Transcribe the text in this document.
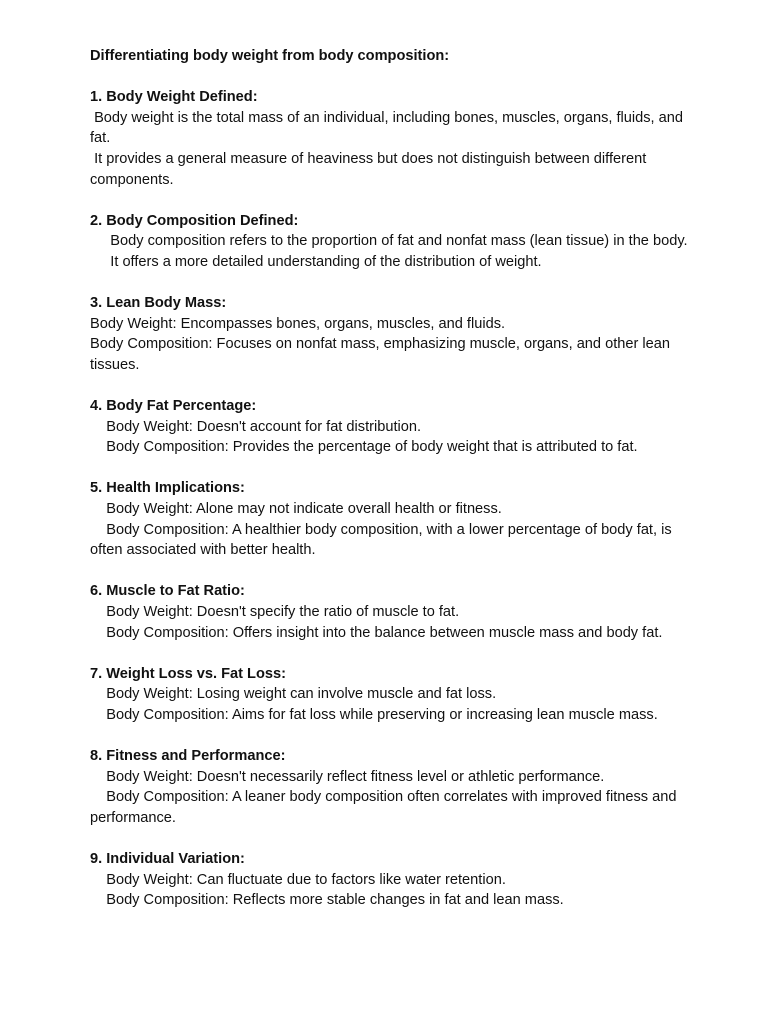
Differentiating body weight from body composition:
1. Body Weight Defined:
Body weight is the total mass of an individual, including bones, muscles, organs, fluids, and fat.
It provides a general measure of heaviness but does not distinguish between different components.
2. Body Composition Defined:
Body composition refers to the proportion of fat and nonfat mass (lean tissue) in the body.
It offers a more detailed understanding of the distribution of weight.
3. Lean Body Mass:
Body Weight: Encompasses bones, organs, muscles, and fluids.
Body Composition: Focuses on nonfat mass, emphasizing muscle, organs, and other lean tissues.
4. Body Fat Percentage:
Body Weight: Doesn't account for fat distribution.
Body Composition: Provides the percentage of body weight that is attributed to fat.
5. Health Implications:
Body Weight: Alone may not indicate overall health or fitness.
Body Composition: A healthier body composition, with a lower percentage of body fat, is often associated with better health.
6. Muscle to Fat Ratio:
Body Weight: Doesn't specify the ratio of muscle to fat.
Body Composition: Offers insight into the balance between muscle mass and body fat.
7. Weight Loss vs. Fat Loss:
Body Weight: Losing weight can involve muscle and fat loss.
Body Composition: Aims for fat loss while preserving or increasing lean muscle mass.
8. Fitness and Performance:
Body Weight: Doesn't necessarily reflect fitness level or athletic performance.
Body Composition: A leaner body composition often correlates with improved fitness and performance.
9. Individual Variation:
Body Weight: Can fluctuate due to factors like water retention.
Body Composition: Reflects more stable changes in fat and lean mass.
